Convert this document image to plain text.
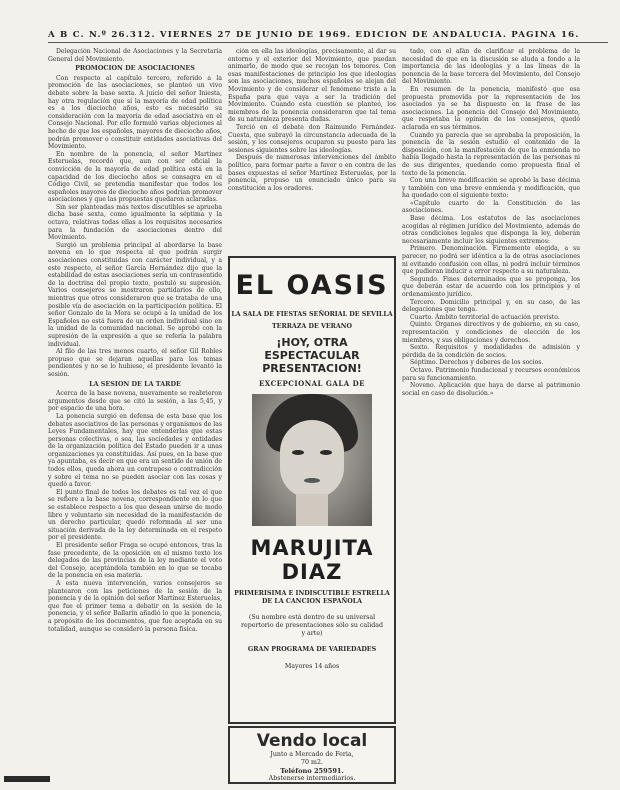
A B C. N.º 26.312. VIERNES 27 DE JUNIO DE 1969. EDICION DE ANDALUCIA. PAGINA 16.

Delegación Nacional de Asociaciones y la Secretaría General del Movimiento.

PROMOCION DE ASOCIACIONES

Con respecto al capítulo tercero, referido a la promoción de las asociaciones, se planteó un vivo debate sobre la base sexta. A juicio del señor Iniesta, hay otra regulación que sí la mayoría de edad política es a los dieciocho años, esto es necesario su consideración con la mayoría de edad asociativa en el Consejo Nacional. Por ello formuló varias objeciones al hecho de que los españoles, mayores de dieciocho años, podrán promover o constituir entidades asociativas del Movimiento.

En nombre de la ponencia, el señor Martínez Esteruelas, recordó que, aun con ser oficial la convicción de la mayoría de edad política está en la capacidad de los dieciocho años se consagra en el Código Civil, se pretendía manifestar que todos los españoles mayores de dieciocho años podrían promover asociaciones y que las propuestas quedaron aclaradas.

Sin ser planteadas más textos discutibles se aprueba dicha base sexta, como igualmente la séptima y la octava, relativas todas ellas a los requisitos necesarios para la fundación de asociaciones dentro del Movimiento.

Surgió un problema principal al abordarse la base novena en lo que respecta al que podrán surgir asociaciones constituidas con carácter individual, y a este respecto, el señor García Hernández dijo que la estabilidad de estas asociaciones sería un contrasentido de la doctrina del propio texto, postuló su supresión. Varios consejeros se mostraron partidarios de ello, mientras que otros consideraron que se trataba de una posible vía de asociación en la participación política. El señor Gonzalo de la Mora se ocupó a la unidad de los Españoles no está fuera de un orden individual sino en la unidad de la comunidad nacional. Se aprobó con la supresión de la expresión a que se refería la palabra individual.

Al filo de las tres menos cuarto, el señor Gil Robles propuso que se dejaran aquellas para los temas pendientes y no se lo hubiese, el presidente levantó la sesión.

LA SESION DE LA TARDE

Acerca de la base novena, nuevamente se reabrieron argumentos desde que se citó la sesión, a las 5,45, y por espacio de una hora.

La ponencia surgió en defensa de esta base que los debates asociativos de las personas y organismos de las Leyes Fundamentales, hay que entenderlas que estas personas colectivas, o sea, las sociedades y entidades de la organización política del Estado pueden ir a unas organizaciones ya constituidas. Así pues, en la base que ya apuntaba, es decir en que era un sentido de unión de todos ellos, queda ahora un contrapeso o contradicción y sobre el tema no se pueden asociar con las cosas y quedó a favor.

El punto final de todos los debates es tal vez el que se refiere a la base novena, correspondiente en lo que se establece respecto a los que desean unirse de modo libre y voluntario sin necesidad de la manifestación de un derecho particular, quedó reformada al ser una situación derivada de la ley determinada en el respeto por el presidente.

El presidente señor Fraga se ocupó entonces, tras la fase precedente, de la oposición en el mismo texto los delegados de las provincias de la ley mediante el voto del Consejo, aceptándola también en lo que se tocaba de la ponencia en esa materia.

A esta nueva intervención, varios consejeros se plantearon con las peticiones de la sesión de la ponencia y de la opinión del señor Martínez Esteruelas, que fue el primer tema a debatir en la sesión de la ponencia, y el señor Ballarín añadió lo que la ponencia, a propósito de los documentos, que fue aceptada en su totalidad, aunque se consideró la persona física.

ción en ella las ideologías, precisamente, al dar su entorno y el exterior del Movimiento, que puedan animarlo, de modo que se recojan los temores. Con esas manifestaciones de principio los que ideologías son las asociaciones, muchos españoles se alejan del Movimiento y de considerar el fenómeno triste a la España para que vaya a ser la tradición del Movimiento. Cuando esta cuestión se planteó, los miembros de la ponencia consideraron que tal tema de su naturaleza presenta dudas.

Terció en el debate don Raimundo Fernández-Cuesta, que subrayó la circunstancia adecuada de la sesión, y los consejeros ocuparon su puesto para las sesiones siguientes sobre las ideologías.

Después de numerosas intervenciones del ámbito político, para formar parte a favor o en contra de las bases expuestas el señor Martínez Esteruelas, por la ponencia, propuso un enunciado único para su constitución a los oradores.

EL OASIS
LA SALA DE FIESTAS SEÑORIAL DE SEVILLA
TERRAZA DE VERANO
¡HOY, OTRA ESPECTACULAR PRESENTACION!
EXCEPCIONAL GALA DE
MARUJITA DIAZ
PRIMERISIMA E INDISCUTIBLE ESTRELLA DE LA CANCION ESPAÑOLA
(Su nombre está dentro de su universal repertorio de presentaciones sólo su calidad y arte)
GRAN PROGRAMA DE VARIEDADES
Mayores 14 años
Vendo local
Junto a Mercado de Feria,
70 m2.
Teléfono 259591.
Abstenerse intermediarios.

tado, con el afán de clarificar el problema de la necesidad de que en la discusión se aluda a fondo a la importancia de las ideologías y a las líneas de la ponencia de la base tercera del Movimiento, del Consejo del Movimiento.

En resumen de la ponencia, manifestó que esa propuesta promovida por la representación de los asociados ya se ha dispuesto en la frase de las asociaciones. La ponencia del Consejo del Movimiento, que respetaba la opinión de los consejeros, quedó aclarada en sus términos.

Cuando ya parecía que se aprobaba la proposición, la ponencia de la sesión estudió el contenido de la disposición, con la manifestación de que la enmienda no había llegado hasta la representación de las personas ni de sus dirigentes, quedando como propuesta final el texto de la ponencia.

Con una breve modificación se aprobó la base décima y también con una breve enmienda y modificación, que ha quedado con el siguiente texto:

«Capítulo cuarto de la Constitución de las asociaciones.

Base décima. Los estatutos de las asociaciones acogidas al régimen jurídico del Movimiento, además de otras condiciones legales que disponga la ley, deberán necesariamente incluir los siguientes extremos:

Primero. Denominación. Firmemente elegida, a su parecer, no podrá ser idéntica a la de otras asociaciones ni evitando confusión con ellas, ni podrá incluir términos que pudieran inducir a error respecto a su naturaleza.

Segundo. Fines determinados que se proponga, los que deberán estar de acuerdo con los principios y el ordenamiento jurídico.

Tercero. Domicilio principal y, en su caso, de las delegaciones que tenga.

Cuarto. Ámbito territorial de actuación previsto.

Quinto. Órganos directivos y de gobierno, en su caso, representación y condiciones de elección de los miembros, y sus obligaciones y derechos.

Sexto. Requisitos y modalidades de admisión y pérdida de la condición de socios.

Séptimo. Derechos y deberes de los socios.

Octavo. Patrimonio fundacional y recursos económicos para su funcionamiento.

Noveno. Aplicación que haya de darse al patrimonio social en caso de disolución.»
